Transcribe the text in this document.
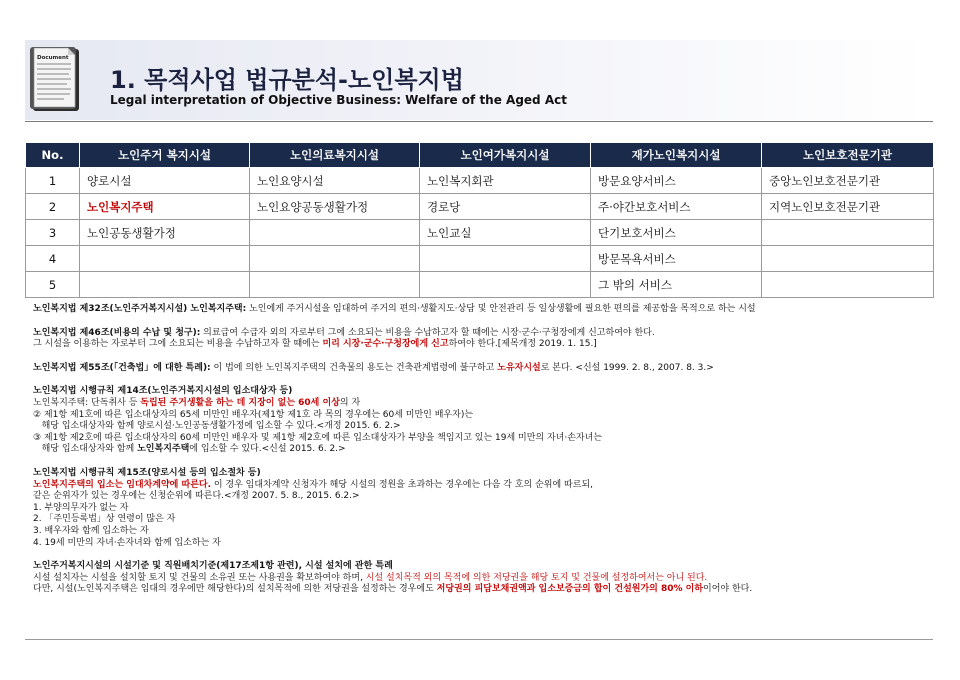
Document
1. 목적사업 법규분석-노인복지법
Legal interpretation of Objective Business: Welfare of the Aged Act
No.	노인주거 복지시설	노인의료복지시설	노인여가복지시설	재가노인복지시설	노인보호전문기관
1	양로시설	노인요양시설	노인복지회관	방문요양서비스	중앙노인보호전문기관
2	노인복지주택	노인요양공동생활가정	경로당	주·야간보호서비스	지역노인보호전문기관
3	노인공동생활가정		노인교실	단기보호서비스	
4				방문목욕서비스	
5				그 밖의 서비스	

노인복지법 제32조(노인주거복지시설) 노인복지주택: 노인에게 주거시설을 임대하여 주거의 편의·생활지도·상담 및 안전관리 등 일상생활에 필요한 편의를 제공함을 목적으로 하는 시설

노인복지법 제46조(비용의 수납 및 청구): 의료급여 수급자 외의 자로부터 그에 소요되는 비용을 수납하고자 할 때에는 시장·군수·구청장에게 신고하여야 한다.

그 시설을 이용하는 자로부터 그에 소요되는 비용을 수납하고자 할 때에는 미리 시장·군수·구청장에게 신고하여야 한다.[제목개정 2019. 1. 15.]

노인복지법 제55조(「건축법」에 대한 특례): 이 법에 의한 노인복지주택의 건축물의 용도는 건축관계법령에 불구하고 노유자시설로 본다. <신설 1999. 2. 8., 2007. 8. 3.>

노인복지법 시행규칙 제14조(노인주거복지시설의 입소대상자 등)

노인복지주택: 단독취사 등 독립된 주거생활을 하는 데 지장이 없는 60세 이상의 자

② 제1항 제1호에 따른 입소대상자의 65세 미만인 배우자(제1항 제1호 라 목의 경우에는 60세 미만인 배우자)는

해당 입소대상자와 함께 양로시설·노인공동생활가정에 입소할 수 있다.<개정 2015. 6. 2.>

③ 제1항 제2호에 따른 입소대상자의 60세 미만인 배우자 및 제1항 제2호에 따른 입소대상자가 부양을 책임지고 있는 19세 미만의 자녀·손자녀는

해당 입소대상자와 함께 노인복지주택에 입소할 수 있다.<신설 2015. 6. 2.>

노인복지법 시행규칙 제15조(양로시설 등의 입소절차 등)

노인복지주택의 입소는 임대차계약에 따른다. 이 경우 임대차계약 신청자가 해당 시설의 정원을 초과하는 경우에는 다음 각 호의 순위에 따르되,

같은 순위자가 있는 경우에는 신청순위에 따른다.<개정 2007. 5. 8., 2015. 6.2.>

1. 부양의무자가 없는 자

2. 「주민등록법」상 연령이 많은 자

3. 배우자와 함께 입소하는 자

4. 19세 미만의 자녀·손자녀와 함께 입소하는 자

노인주거복지시설의 시설기준 및 직원배치기준(제17조제1항 관련), 시설 설치에 관한 특례

시설 설치자는 시설을 설치할 토지 및 건물의 소유권 또는 사용권을 확보하여야 하며, 시설 설치목적 외의 목적에 의한 저당권을 해당 토지 및 건물에 설정하여서는 아니 된다.

다만, 시설(노인복지주택은 임대의 경우에만 해당한다)의 설치목적에 의한 저당권을 설정하는 경우에도 저당권의 피담보채권액과 입소보증금의 합이 건설원가의 80% 이하이어야 한다.
